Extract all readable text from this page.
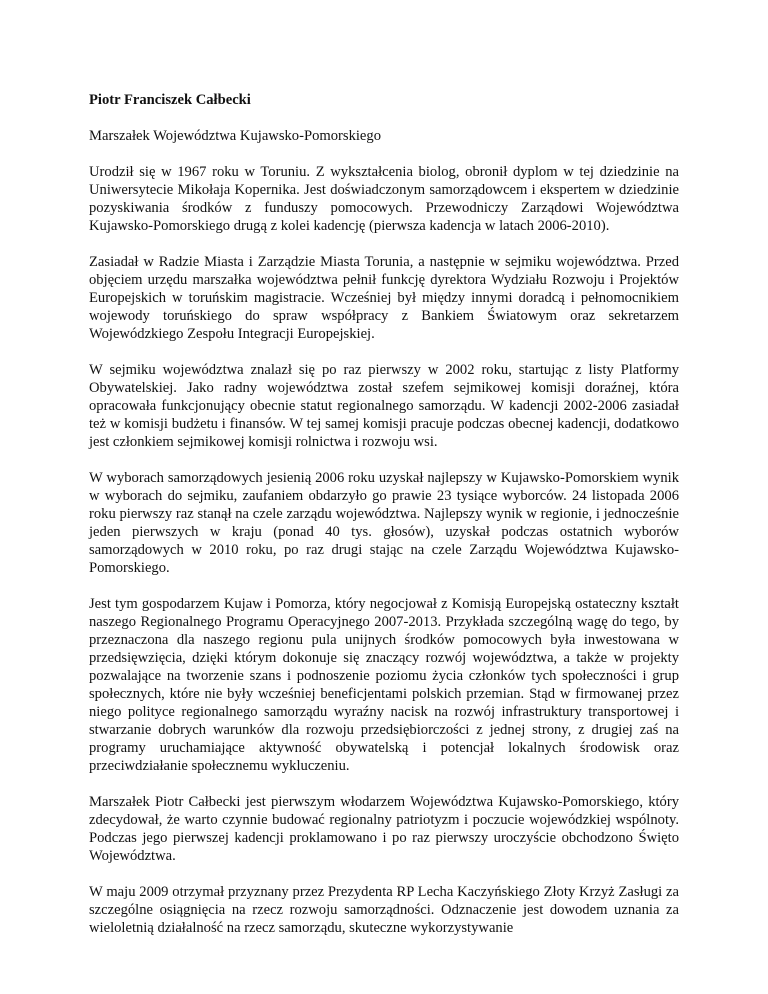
Piotr Franciszek Całbecki

Marszałek Województwa Kujawsko-Pomorskiego

Urodził się w 1967 roku w Toruniu. Z wykształcenia biolog, obronił dyplom w tej dziedzinie na Uniwersytecie Mikołaja Kopernika. Jest doświadczonym samorządowcem i ekspertem w dziedzinie pozyskiwania środków z funduszy pomocowych. Przewodniczy Zarządowi Województwa Kujawsko-Pomorskiego drugą z kolei kadencję (pierwsza kadencja w latach 2006-2010).

Zasiadał w Radzie Miasta i Zarządzie Miasta Torunia, a następnie w sejmiku województwa. Przed objęciem urzędu marszałka województwa pełnił funkcję dyrektora Wydziału Rozwoju i Projektów Europejskich w toruńskim magistracie. Wcześniej był między innymi doradcą i pełnomocnikiem wojewody toruńskiego do spraw współpracy z Bankiem Światowym oraz sekretarzem Wojewódzkiego Zespołu Integracji Europejskiej.

W sejmiku województwa znalazł się po raz pierwszy w 2002 roku, startując z listy Platformy Obywatelskiej. Jako radny województwa został szefem sejmikowej komisji doraźnej, która opracowała funkcjonujący obecnie statut regionalnego samorządu. W kadencji 2002-2006 zasiadał też w komisji budżetu i finansów. W tej samej komisji pracuje podczas obecnej kadencji, dodatkowo jest członkiem sejmikowej komisji rolnictwa i rozwoju wsi.

W wyborach samorządowych jesienią 2006 roku uzyskał najlepszy w Kujawsko-Pomorskiem wynik w wyborach do sejmiku, zaufaniem obdarzyło go prawie 23 tysiące wyborców. 24 listopada 2006 roku pierwszy raz stanął na czele zarządu województwa. Najlepszy wynik w regionie, i jednocześnie jeden pierwszych w kraju (ponad 40 tys. głosów), uzyskał podczas ostatnich wyborów samorządowych w 2010 roku, po raz drugi stając na czele Zarządu Województwa Kujawsko-Pomorskiego.

Jest tym gospodarzem Kujaw i Pomorza, który negocjował z Komisją Europejską ostateczny kształt naszego Regionalnego Programu Operacyjnego 2007-2013. Przykłada szczególną wagę do tego, by przeznaczona dla naszego regionu pula unijnych środków pomocowych była inwestowana w przedsięwzięcia, dzięki którym dokonuje się znaczący rozwój województwa, a także w projekty pozwalające na tworzenie szans i podnoszenie poziomu życia członków tych społeczności i grup społecznych, które nie były wcześniej beneficjentami polskich przemian. Stąd w firmowanej przez niego polityce regionalnego samorządu wyraźny nacisk na rozwój infrastruktury transportowej i stwarzanie dobrych warunków dla rozwoju przedsiębiorczości z jednej strony, z drugiej zaś na programy uruchamiające aktywność obywatelską i potencjał lokalnych środowisk oraz przeciwdziałanie społecznemu wykluczeniu.

Marszałek Piotr Całbecki jest pierwszym włodarzem Województwa Kujawsko-Pomorskiego, który zdecydował, że warto czynnie budować regionalny patriotyzm i poczucie wojewódzkiej wspólnoty. Podczas jego pierwszej kadencji proklamowano i po raz pierwszy uroczyście obchodzono Święto Województwa.

W maju 2009 otrzymał przyznany przez Prezydenta RP Lecha Kaczyńskiego Złoty Krzyż Zasługi za szczególne osiągnięcia na rzecz rozwoju samorządności. Odznaczenie jest dowodem uznania za wieloletnią działalność na rzecz samorządu, skuteczne wykorzystywanie
